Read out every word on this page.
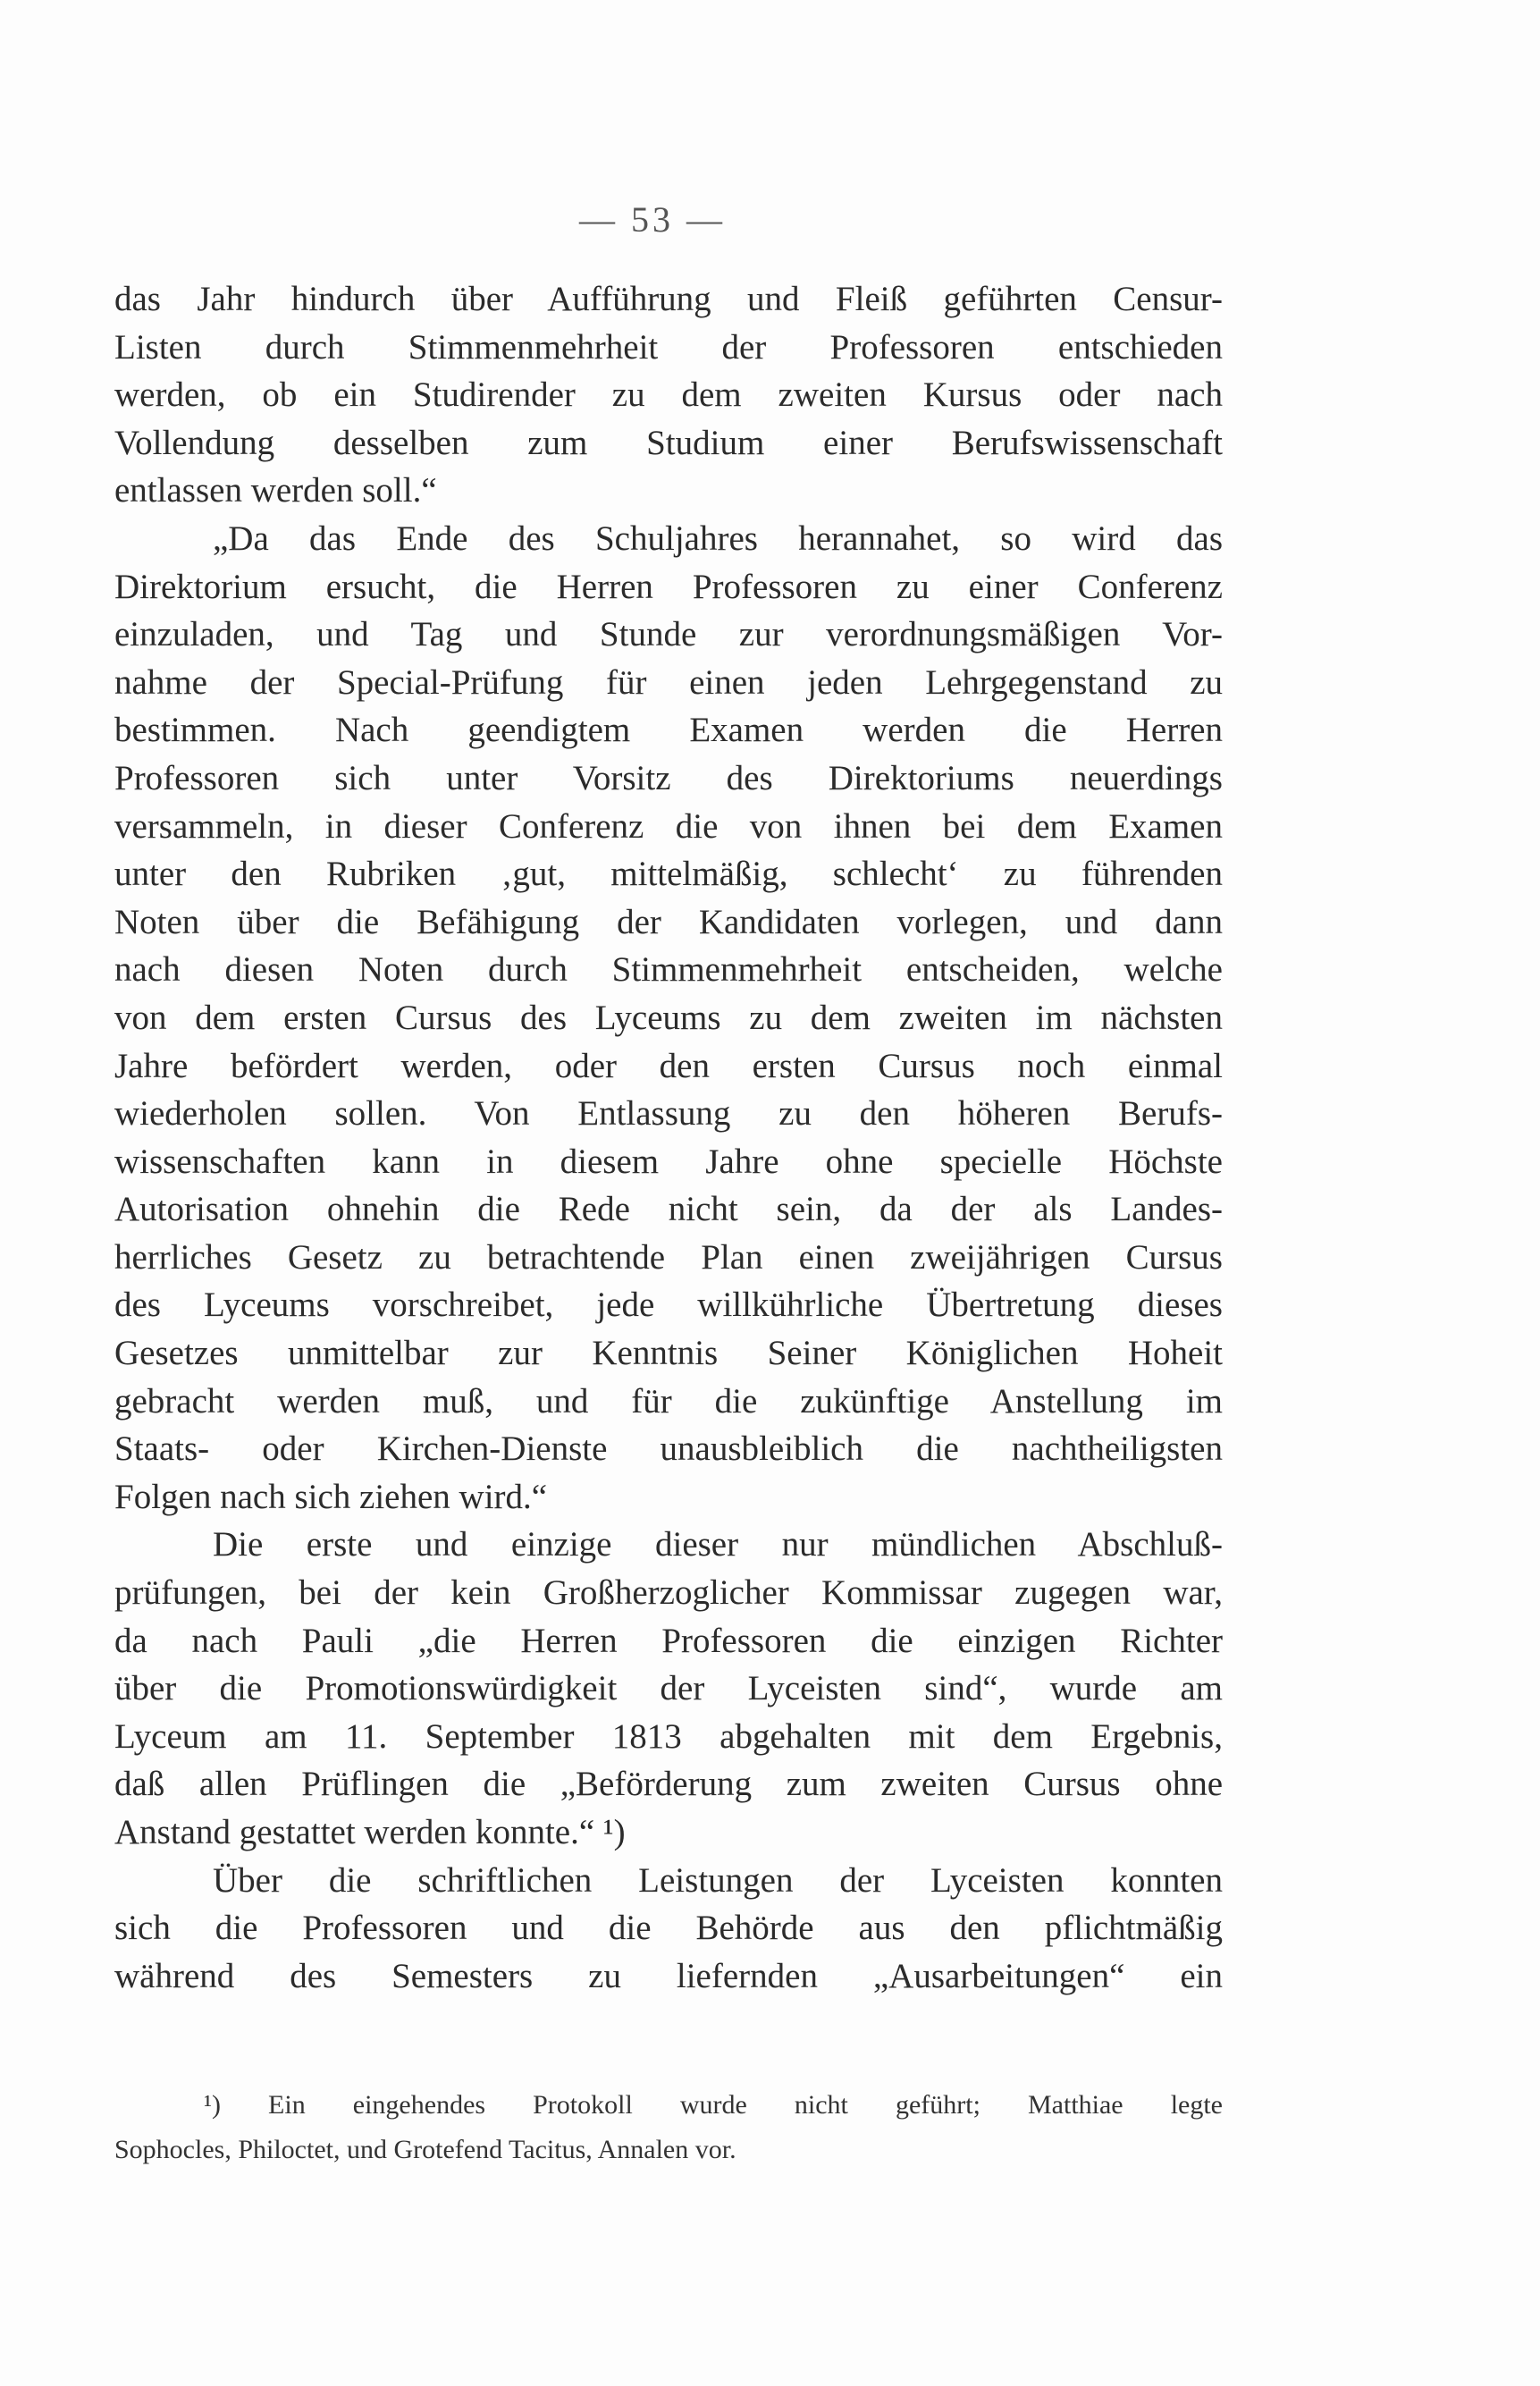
— 53 —
das Jahr hindurch über Aufführung und Fleiß geführten Censur-
Listen durch Stimmenmehrheit der Professoren entschieden
werden, ob ein Studirender zu dem zweiten Kursus oder nach
Vollendung desselben zum Studium einer Berufswissenschaft
entlassen werden soll.“
„Da das Ende des Schuljahres herannahet, so wird das
Direktorium ersucht, die Herren Professoren zu einer Conferenz
einzuladen, und Tag und Stunde zur verordnungsmäßigen Vor-
nahme der Special-Prüfung für einen jeden Lehrgegenstand zu
bestimmen. Nach geendigtem Examen werden die Herren
Professoren sich unter Vorsitz des Direktoriums neuerdings
versammeln, in dieser Conferenz die von ihnen bei dem Examen
unter den Rubriken ‚gut, mittelmäßig, schlecht‘ zu führenden
Noten über die Befähigung der Kandidaten vorlegen, und dann
nach diesen Noten durch Stimmenmehrheit entscheiden, welche
von dem ersten Cursus des Lyceums zu dem zweiten im nächsten
Jahre befördert werden, oder den ersten Cursus noch einmal
wiederholen sollen. Von Entlassung zu den höheren Berufs-
wissenschaften kann in diesem Jahre ohne specielle Höchste
Autorisation ohnehin die Rede nicht sein, da der als Landes-
herrliches Gesetz zu betrachtende Plan einen zweijährigen Cursus
des Lyceums vorschreibet, jede willkührliche Übertretung dieses
Gesetzes unmittelbar zur Kenntnis Seiner Königlichen Hoheit
gebracht werden muß, und für die zukünftige Anstellung im
Staats- oder Kirchen-Dienste unausbleiblich die nachtheiligsten
Folgen nach sich ziehen wird.“
Die erste und einzige dieser nur mündlichen Abschluß-
prüfungen, bei der kein Großherzoglicher Kommissar zugegen war,
da nach Pauli „die Herren Professoren die einzigen Richter
über die Promotionswürdigkeit der Lyceisten sind“, wurde am
Lyceum am 11. September 1813 abgehalten mit dem Ergebnis,
daß allen Prüflingen die „Beförderung zum zweiten Cursus ohne
Anstand gestattet werden konnte.“ ¹)
Über die schriftlichen Leistungen der Lyceisten konnten
sich die Professoren und die Behörde aus den pflichtmäßig
während des Semesters zu liefernden „Ausarbeitungen“ ein
¹) Ein eingehendes Protokoll wurde nicht geführt; Matthiae legte
Sophocles, Philoctet, und Grotefend Tacitus, Annalen vor.
